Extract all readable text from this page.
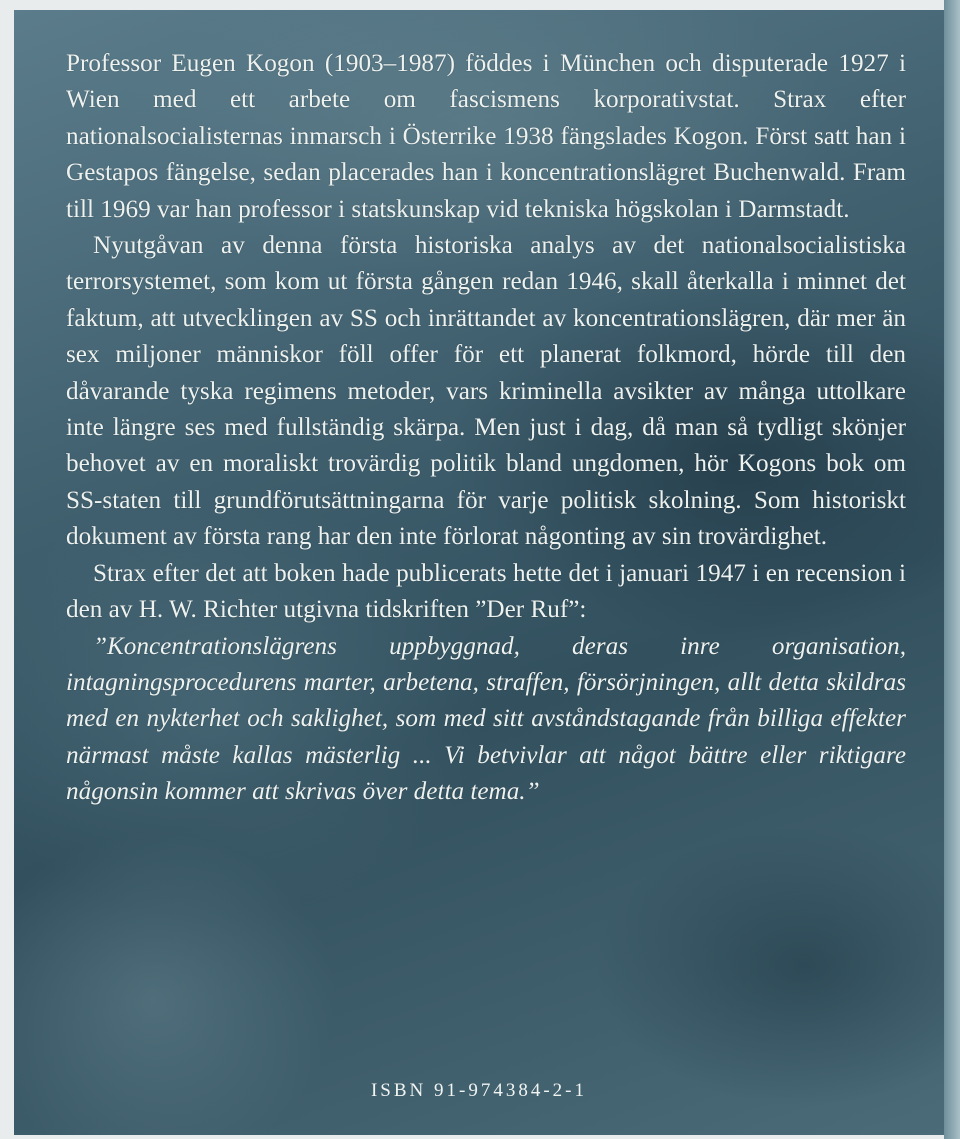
Professor Eugen Kogon (1903–1987) föddes i München och disputerade 1927 i Wien med ett arbete om fascismens korporativstat. Strax efter nationalsocialisternas inmarsch i Österrike 1938 fängslades Kogon. Först satt han i Gestapos fängelse, sedan placerades han i koncentrationslägret Buchenwald. Fram till 1969 var han professor i statskunskap vid tekniska högskolan i Darmstadt.

Nyutgåvan av denna första historiska analys av det nationalsocialistiska terrorsystemet, som kom ut första gången redan 1946, skall återkalla i minnet det faktum, att utvecklingen av SS och inrättandet av koncentrationslägren, där mer än sex miljoner människor föll offer för ett planerat folkmord, hörde till den dåvarande tyska regimens metoder, vars kriminella avsikter av många uttolkare inte längre ses med fullständig skärpa. Men just i dag, då man så tydligt skönjer behovet av en moraliskt trovärdig politik bland ungdomen, hör Kogons bok om SS-staten till grundförutsättningarna för varje politisk skolning. Som historiskt dokument av första rang har den inte förlorat någonting av sin trovärdighet.

Strax efter det att boken hade publicerats hette det i januari 1947 i en recension i den av H. W. Richter utgivna tidskriften ”Der Ruf”:

”Koncentrationslägrens uppbyggnad, deras inre organisation, intagningsprocedurens marter, arbetena, straffen, försörjningen, allt detta skildras med en nykterhet och saklighet, som med sitt avståndstagande från billiga effekter närmast måste kallas mästerlig ... Vi betvivlar att något bättre eller riktigare någonsin kommer att skrivas över detta tema.”

ISBN 91-974384-2-1
